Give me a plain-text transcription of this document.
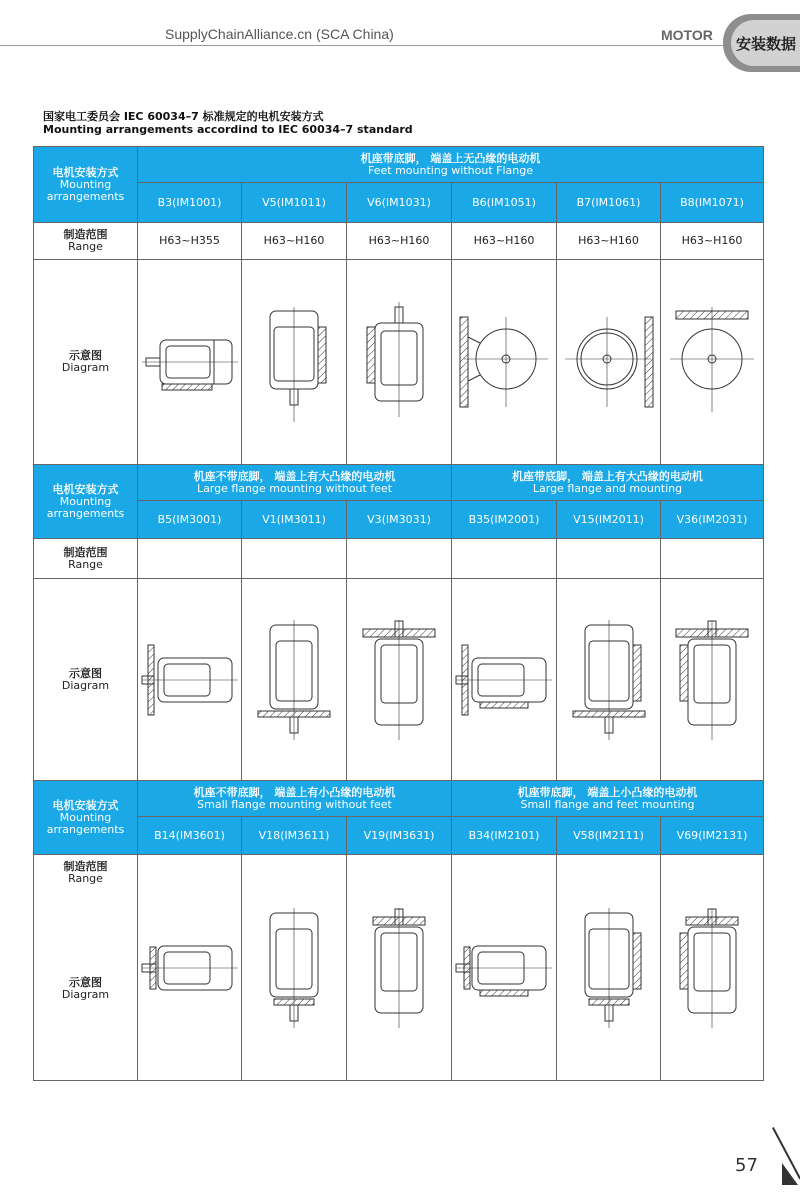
SupplyChainAlliance.cn (SCA China)	MOTOR 安装数据
国家电工委员会 IEC 60034–7 标准规定的电机安装方式
Mounting arrangements accordind to IEC 60034–7 standard
电机安装方式
Mounting
arrangements	机座带底脚， 端盖上无凸缘的电动机
Feet mounting without Flange					

	B3(IM1001)	V5(IM1011)	V6(IM1031)	B6(IM1051)	B7(IM1061)	B8(IM1071)

制造范围
Range	H63~H355	H63~H160	H63~H160	H63~H160	H63~H160	H63~H160

示意图
Diagram

电机安装方式
Mounting
arrangements	机座不带底脚， 端盖上有大凸缘的电动机
Large flange mounting without feet			机座带底脚， 端盖上有大凸缘的电动机
Large flange and mounting		

	B5(IM3001)	V1(IM3011)	V3(IM3031)	B35(IM2001)	V15(IM2011)	V36(IM2031)

制造范围
Range						

示意图
Diagram

电机安装方式
Mounting
arrangements	机座不带底脚， 端盖上有小凸缘的电动机
Small flange mounting without feet			机座带底脚， 端盖上小凸缘的电动机
Small flange and feet mounting		

	B14(IM3601)	V18(IM3611)	V19(IM3631)	B34(IM2101)	V58(IM2111)	V69(IM2131)

制造范围
Range
示意图
Diagram

57
